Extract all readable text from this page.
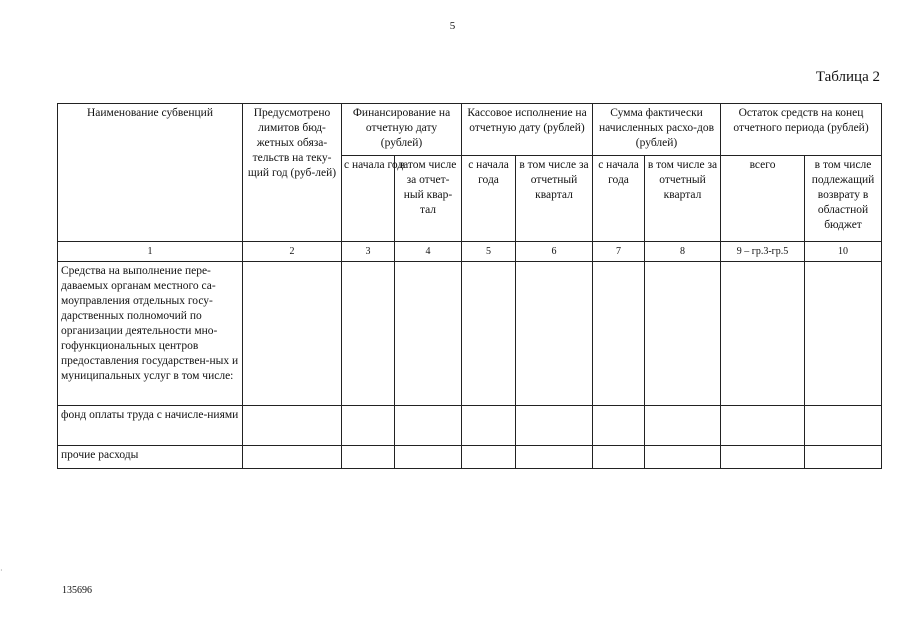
5
Таблица 2
·
Наименование субвенций	Предусмотрено лимитов бюд-жетных обяза-тельств на теку-щий год (руб-лей)	Финансирование на отчетную дату (рублей)		Кассовое исполнение на отчетную дату (рублей)		Сумма фактически начисленных расхо-дов (рублей)		Остаток средств на конец отчетного периода (рублей)	
		с начала года	в том числе за отчет-ный квар-тал	с начала года	в том числе за отчетный квартал	с начала года	в том числе за отчетный квартал	всего	в том числе подлежащий возврату в областной бюджет
1	2	3	4	5	6	7	8	9 – гр.3-гр.5	10
Средства на выполнение пере-даваемых органам местного са-моуправления отдельных госу-дарственных полномочий по организации деятельности мно-гофункциональных центров предоставления государствен-ных и муниципальных услуг в том числе:									
фонд оплаты труда с начисле-ниями									
прочие расходы									
135696
